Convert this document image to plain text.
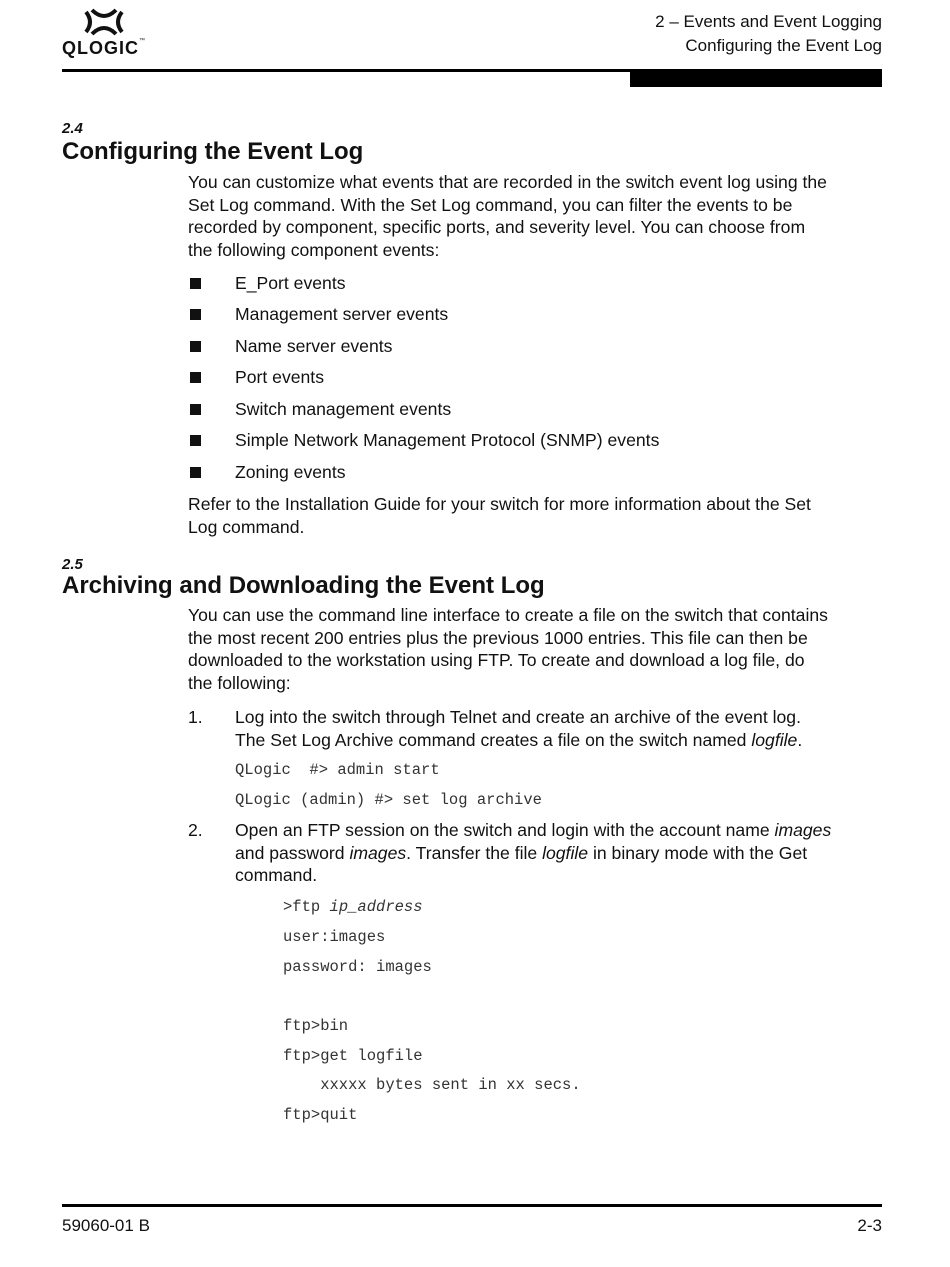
QLOGIC™
2 – Events and Event Logging
Configuring the Event Log
2.4
Configuring the Event Log
You can customize what events that are recorded in the switch event log using the
Set Log command. With the Set Log command, you can filter the events to be
recorded by component, specific ports, and severity level. You can choose from
the following component events:
E_Port events
Management server events
Name server events
Port events
Switch management events
Simple Network Management Protocol (SNMP) events
Zoning events
Refer to the Installation Guide for your switch for more information about the Set
Log command.
2.5
Archiving and Downloading the Event Log
You can use the command line interface to create a file on the switch that contains
the most recent 200 entries plus the previous 1000 entries. This file can then be
downloaded to the workstation using FTP. To create and download a log file, do
the following:
1. Log into the switch through Telnet and create an archive of the event log.
The Set Log Archive command creates a file on the switch named logfile.
QLogic  #> admin start
QLogic (admin) #> set log archive
2. Open an FTP session on the switch and login with the account name images
and password images. Transfer the file logfile in binary mode with the Get
command.
>ftp ip_address
user:images
password: images
ftp>bin
ftp>get logfile
xxxxx bytes sent in xx secs.
ftp>quit
59060-01 B	2-3
